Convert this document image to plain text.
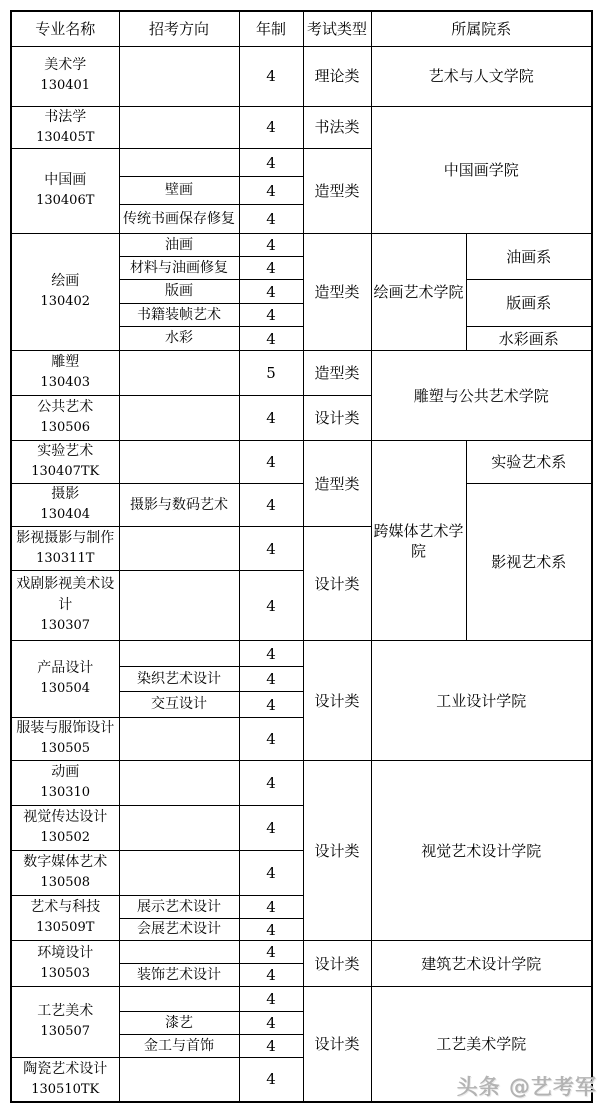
专业名称	招考方向	年制	考试类型	所属院系	

美术学
130401		4	理论类	艺术与人文学院	

书法学
130405T		4	书法类	中国画学院	

中国画
130406T		4	造型类		
	壁画	4			
	传统书画保存修复	4			

绘画
130402	油画	4	造型类	绘画艺术学院	油画系
	材料与油画修复	4			
	版画	4			版画系
	书籍装帧艺术	4			
	水彩	4			水彩画系

雕塑
130403		5	造型类	雕塑与公共艺术学院	

公共艺术
130506		4	设计类		

实验艺术
130407TK		4	造型类	跨媒体艺术学院	实验艺术系

摄影
130404	摄影与数码艺术	4			影视艺术系

影视摄影与制作
130311T		4	设计类		

戏剧影视美术设计
130307		4			

产品设计
130504		4	设计类	工业设计学院	
	染织艺术设计	4			
	交互设计	4			

服装与服饰设计
130505		4			

动画
130310		4	设计类	视觉艺术设计学院	

视觉传达设计
130502		4			

数字媒体艺术
130508		4			

艺术与科技
130509T	展示艺术设计	4			
	会展艺术设计	4			

环境设计
130503		4	设计类	建筑艺术设计学院	
	装饰艺术设计	4			

工艺美术
130507		4	设计类	工艺美术学院	
	漆艺	4			
	金工与首饰	4			

陶瓷艺术设计
130510TK		4				头条 @艺考军
